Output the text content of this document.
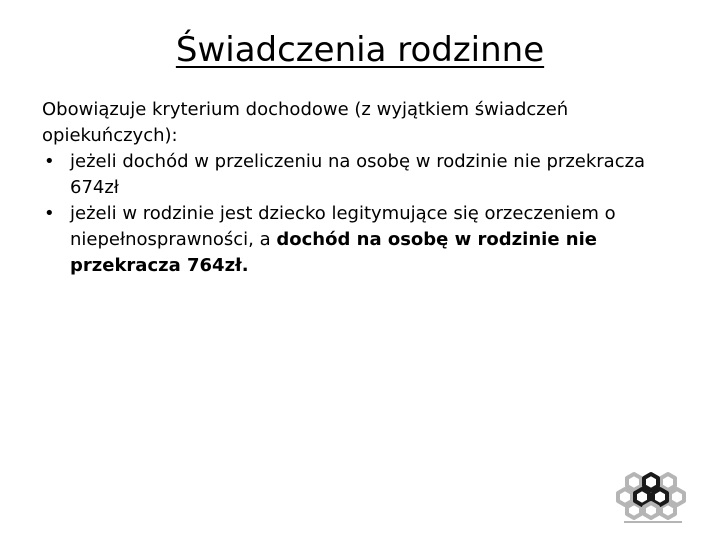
Świadczenia rodzinne

Obowiązuje kryterium dochodowe (z wyjątkiem świadczeń opiekuńczych):

• jeżeli dochód w przeliczeniu na osobę w rodzinie nie przekracza 674zł
• jeżeli w rodzinie jest dziecko legitymujące się orzeczeniem o niepełnosprawności, a dochód na osobę w rodzinie nie przekracza 764zł.
